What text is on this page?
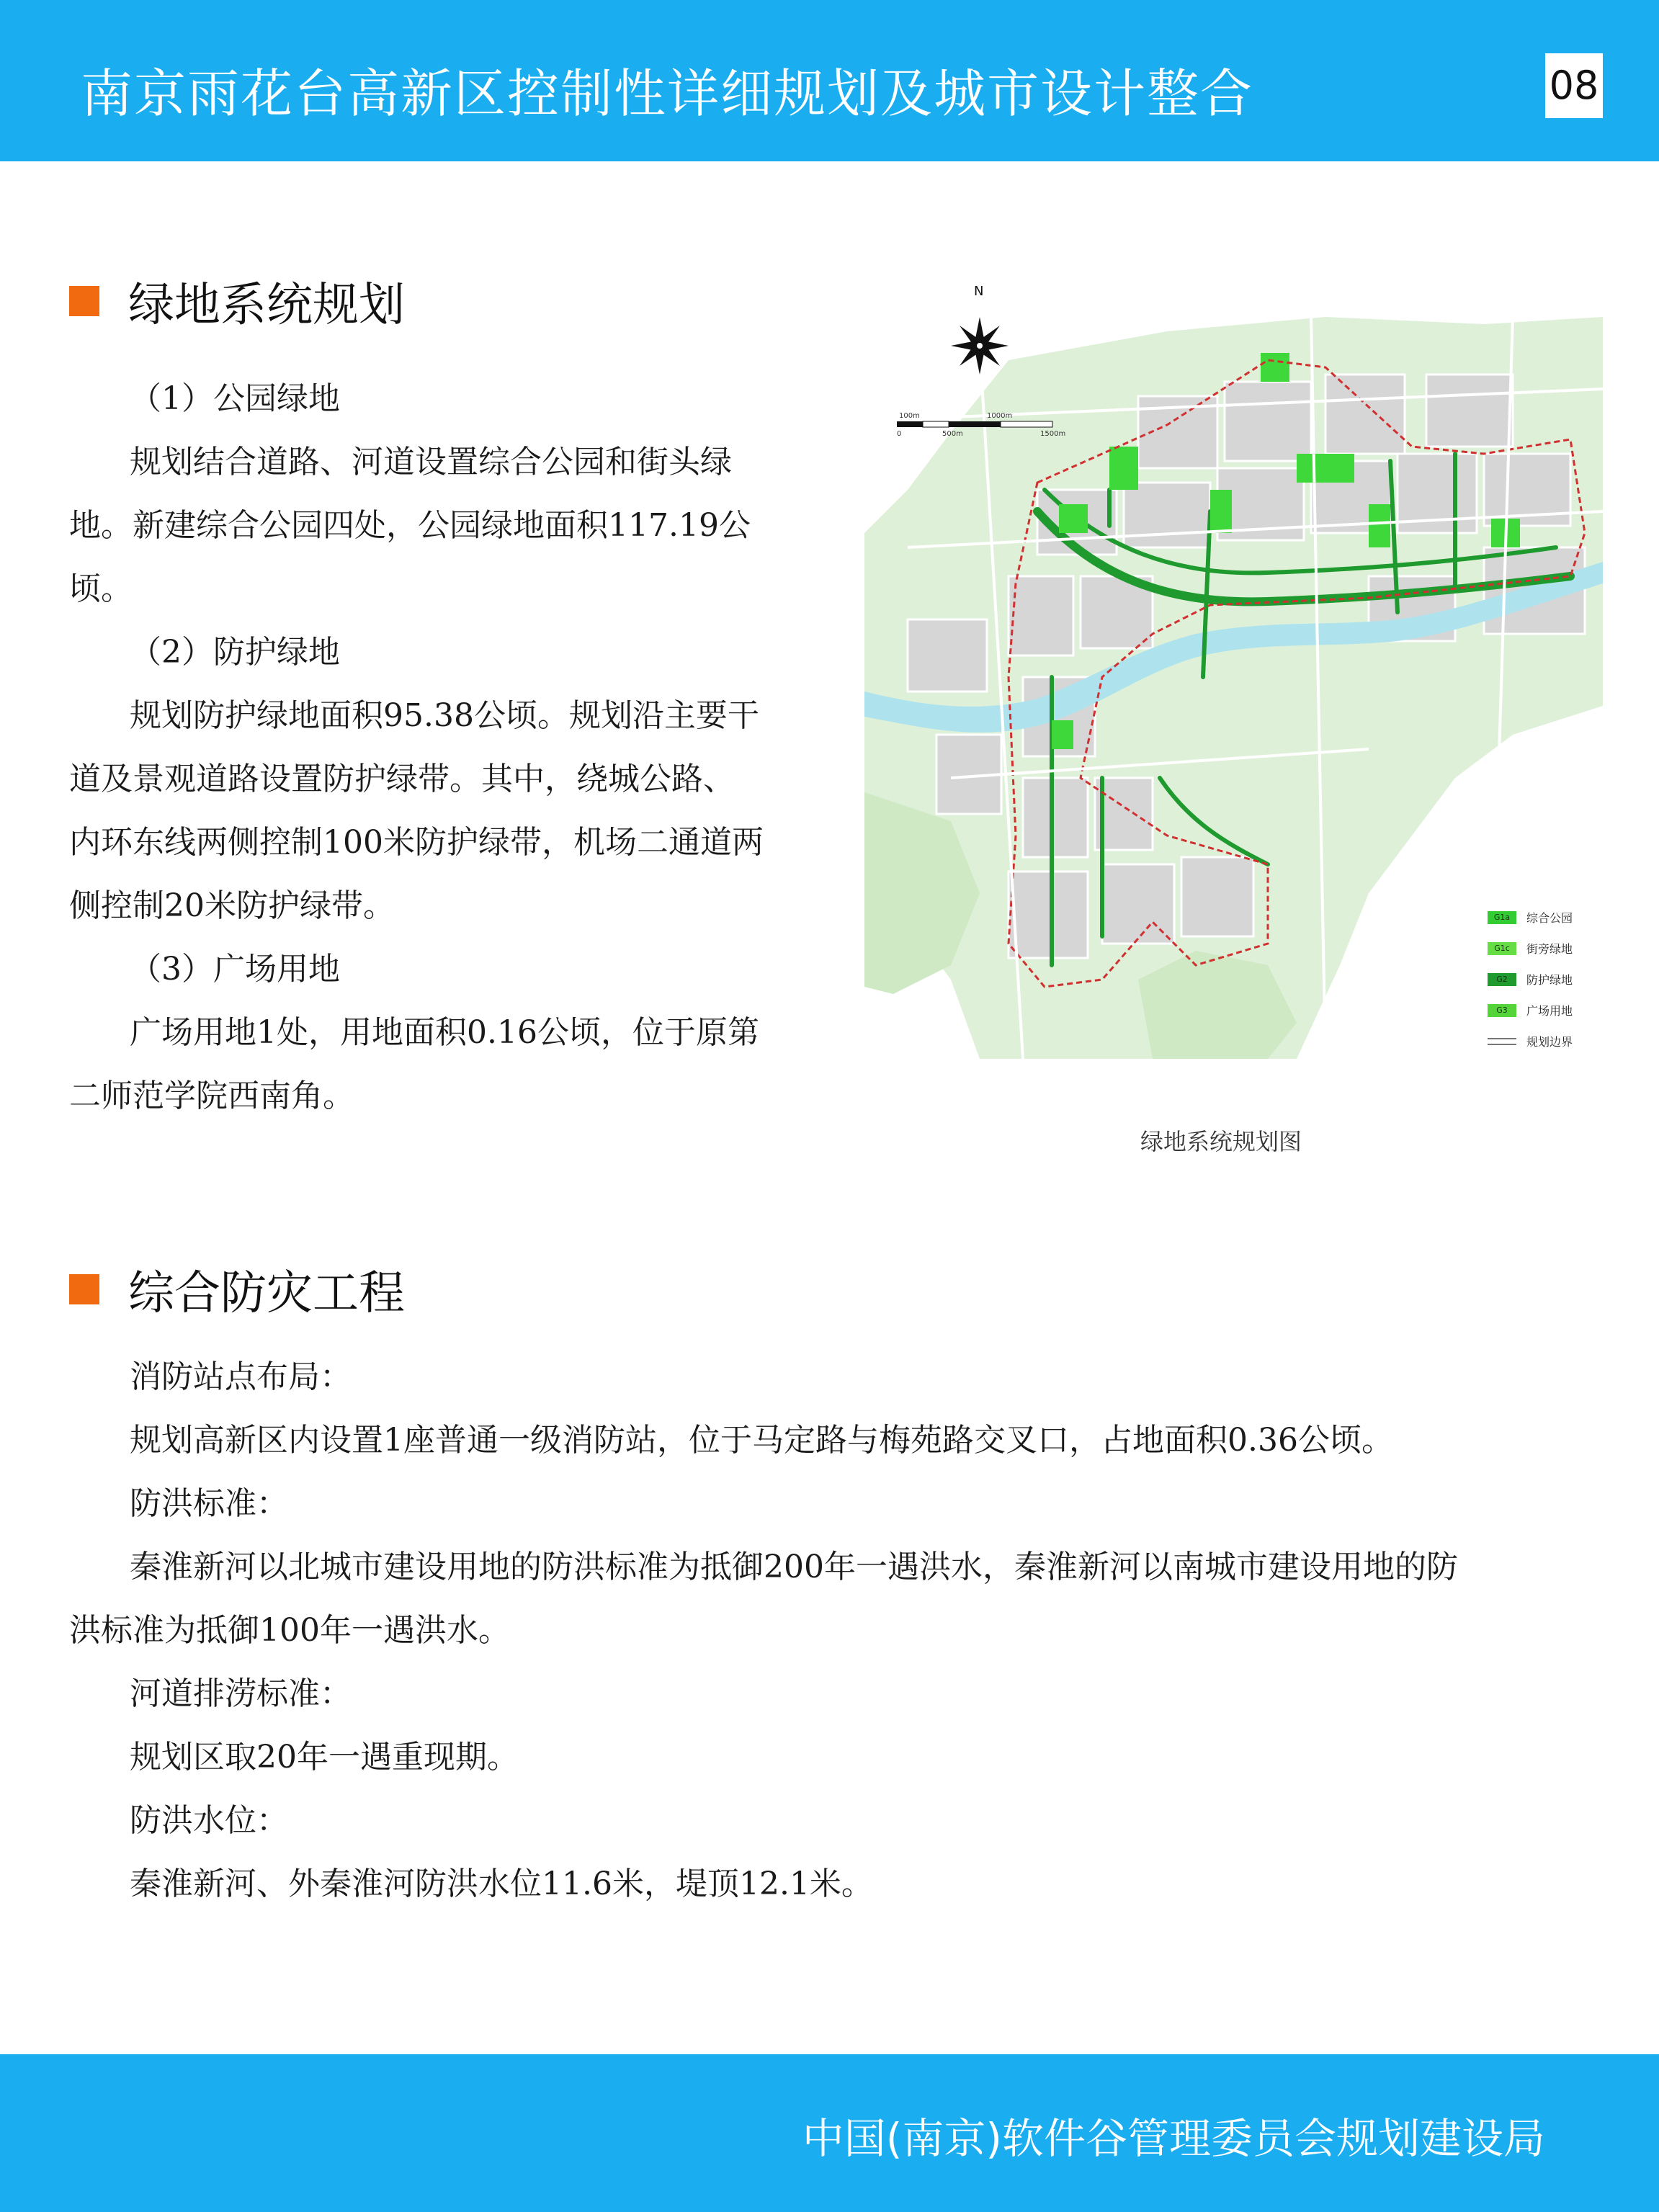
南京雨花台高新区控制性详细规划及城市设计整合	08
绿地系统规划
（1）公园绿地
规划结合道路、河道设置综合公园和街头绿
地。新建综合公园四处，公园绿地面积117.19公
顷。
（2）防护绿地
规划防护绿地面积95.38公顷。规划沿主要干
道及景观道路设置防护绿带。其中，绕城公路、
内环东线两侧控制100米防护绿带，机场二通道两
侧控制20米防护绿带。
（3）广场用地
广场用地1处，用地面积0.16公顷，位于原第
二师范学院西南角。
N
100m	1000m
0	500m	1500m
G1a	综合公园
G1c	街旁绿地
G2	防护绿地
G3	广场用地
规划边界
绿地系统规划图
综合防灾工程
消防站点布局：
规划高新区内设置1座普通一级消防站，位于马定路与梅苑路交叉口，占地面积0.36公顷。
防洪标准：
秦淮新河以北城市建设用地的防洪标准为抵御200年一遇洪水，秦淮新河以南城市建设用地的防
洪标准为抵御100年一遇洪水。
河道排涝标准：
规划区取20年一遇重现期。
防洪水位：
秦淮新河、外秦淮河防洪水位11.6米，堤顶12.1米。
中国(南京)软件谷管理委员会规划建设局
